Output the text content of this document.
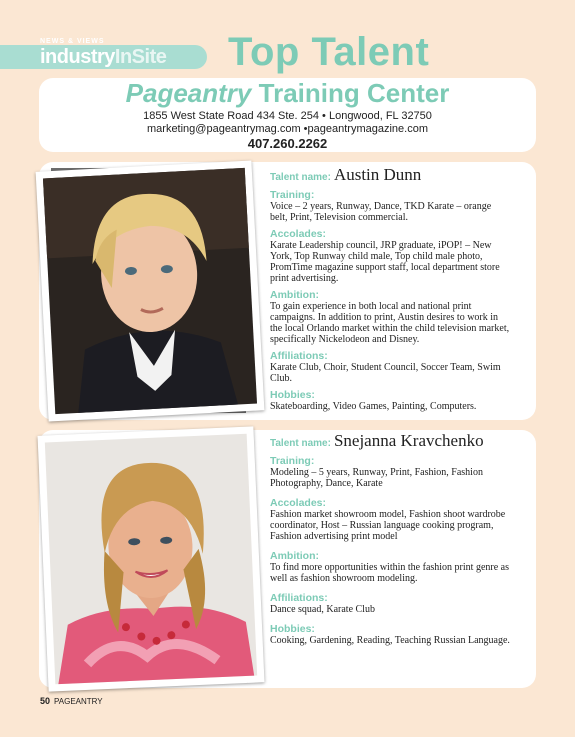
NEWS & VIEWS
industryInSite Top Talent
Pageantry Training Center
1855 West State Road 434 Ste. 254 • Longwood, FL 32750
marketing@pageantrymag.com •pageantrymagazine.com
407.260.2262
Talent name: Austin Dunn
Training:
Voice – 2 years, Runway, Dance, TKD Karate – orange belt, Print, Television commercial.
Accolades:
Karate Leadership council, JRP graduate, iPOP! – New York, Top Runway child male, Top child male photo, PromTime magazine support staff, local department store print advertising.
Ambition:
To gain experience in both local and national print campaigns. In addition to print, Austin desires to work in the local Orlando market within the child television market, specifically Nickelodeon and Disney.
Affiliations:
Karate Club, Choir, Student Council, Soccer Team, Swim Club.
Hobbies:
Skateboarding, Video Games, Painting, Computers.
Talent name: Snejanna Kravchenko
Training:
Modeling – 5 years, Runway, Print, Fashion, Fashion Photography, Dance, Karate
Accolades:
Fashion market showroom model, Fashion shoot wardrobe coordinator, Host – Russian language cooking program, Fashion advertising print model
Ambition:
To find more opportunities within the fashion print genre as well as fashion showroom modeling.
Affiliations:
Dance squad, Karate Club
Hobbies:
Cooking, Gardening, Reading, Teaching Russian Language.
50 PAGEANTRY
